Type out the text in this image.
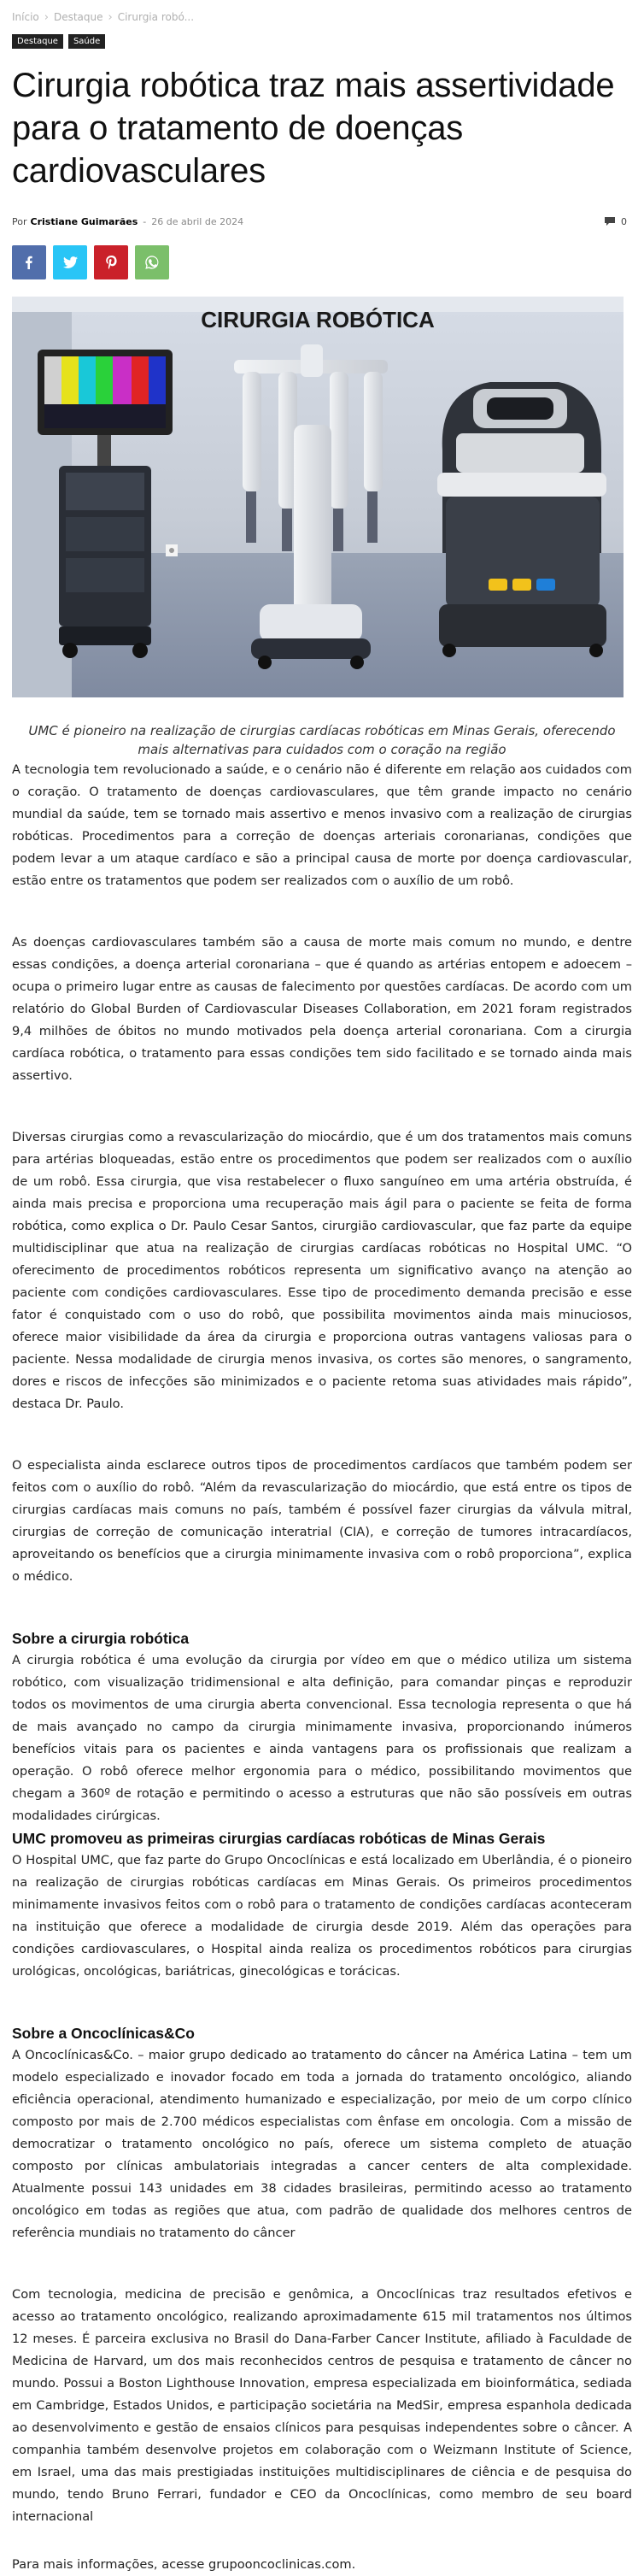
Início › Destaque › Cirurgia robó...
Destaque	Saúde
Cirurgia robótica traz mais assertividade para o tratamento de doenças cardiovasculares
Por Cristiane Guimarães - 26 de abril de 2024	0
CIRURGIA ROBÓTICA

UMC é pioneiro na realização de cirurgias cardíacas robóticas em Minas Gerais, oferecendo mais alternativas para cuidados com o coração na região

A tecnologia tem revolucionado a saúde, e o cenário não é diferente em relação aos cuidados com o coração. O tratamento de doenças cardiovasculares, que têm grande impacto no cenário mundial da saúde, tem se tornado mais assertivo e menos invasivo com a realização de cirurgias robóticas. Procedimentos para a correção de doenças arteriais coronarianas, condições que podem levar a um ataque cardíaco e são a principal causa de morte por doença cardiovascular, estão entre os tratamentos que podem ser realizados com o auxílio de um robô.

As doenças cardiovasculares também são a causa de morte mais comum no mundo, e dentre essas condições, a doença arterial coronariana – que é quando as artérias entopem e adoecem – ocupa o primeiro lugar entre as causas de falecimento por questões cardíacas. De acordo com um relatório do Global Burden of Cardiovascular Diseases Collaboration, em 2021 foram registrados 9,4 milhões de óbitos no mundo motivados pela doença arterial coronariana. Com a cirurgia cardíaca robótica, o tratamento para essas condições tem sido facilitado e se tornado ainda mais assertivo.

Diversas cirurgias como a revascularização do miocárdio, que é um dos tratamentos mais comuns para artérias bloqueadas, estão entre os procedimentos que podem ser realizados com o auxílio de um robô. Essa cirurgia, que visa restabelecer o fluxo sanguíneo em uma artéria obstruída, é ainda mais precisa e proporciona uma recuperação mais ágil para o paciente se feita de forma robótica, como explica o Dr. Paulo Cesar Santos, cirurgião cardiovascular, que faz parte da equipe multidisciplinar que atua na realização de cirurgias cardíacas robóticas no Hospital UMC. “O oferecimento de procedimentos robóticos representa um significativo avanço na atenção ao paciente com condições cardiovasculares. Esse tipo de procedimento demanda precisão e esse fator é conquistado com o uso do robô, que possibilita movimentos ainda mais minuciosos, oferece maior visibilidade da área da cirurgia e proporciona outras vantagens valiosas para o paciente. Nessa modalidade de cirurgia menos invasiva, os cortes são menores, o sangramento, dores e riscos de infecções são minimizados e o paciente retoma suas atividades mais rápido”, destaca Dr. Paulo.

O especialista ainda esclarece outros tipos de procedimentos cardíacos que também podem ser feitos com o auxílio do robô. “Além da revascularização do miocárdio, que está entre os tipos de cirurgias cardíacas mais comuns no país, também é possível fazer cirurgias da válvula mitral, cirurgias de correção de comunicação interatrial (CIA), e correção de tumores intracardíacos, aproveitando os benefícios que a cirurgia minimamente invasiva com o robô proporciona”, explica o médico.

Sobre a cirurgia robótica

A cirurgia robótica é uma evolução da cirurgia por vídeo em que o médico utiliza um sistema robótico, com visualização tridimensional e alta definição, para comandar pinças e reproduzir todos os movimentos de uma cirurgia aberta convencional. Essa tecnologia representa o que há de mais avançado no campo da cirurgia minimamente invasiva, proporcionando inúmeros benefícios vitais para os pacientes e ainda vantagens para os profissionais que realizam a operação. O robô oferece melhor ergonomia para o médico, possibilitando movimentos que chegam a 360º de rotação e permitindo o acesso a estruturas que não são possíveis em outras modalidades cirúrgicas.

UMC promoveu as primeiras cirurgias cardíacas robóticas de Minas Gerais

O Hospital UMC, que faz parte do Grupo Oncoclínicas e está localizado em Uberlândia, é o pioneiro na realização de cirurgias robóticas cardíacas em Minas Gerais. Os primeiros procedimentos minimamente invasivos feitos com o robô para o tratamento de condições cardíacas aconteceram na instituição que oferece a modalidade de cirurgia desde 2019. Além das operações para condições cardiovasculares, o Hospital ainda realiza os procedimentos robóticos para cirurgias urológicas, oncológicas, bariátricas, ginecológicas e torácicas.

Sobre a Oncoclínicas&Co

A Oncoclínicas&Co. – maior grupo dedicado ao tratamento do câncer na América Latina – tem um modelo especializado e inovador focado em toda a jornada do tratamento oncológico, aliando eficiência operacional, atendimento humanizado e especialização, por meio de um corpo clínico composto por mais de 2.700 médicos especialistas com ênfase em oncologia. Com a missão de democratizar o tratamento oncológico no país, oferece um sistema completo de atuação composto por clínicas ambulatoriais integradas a cancer centers de alta complexidade. Atualmente possui 143 unidades em 38 cidades brasileiras, permitindo acesso ao tratamento oncológico em todas as regiões que atua, com padrão de qualidade dos melhores centros de referência mundiais no tratamento do câncer

Com tecnologia, medicina de precisão e genômica, a Oncoclínicas traz resultados efetivos e acesso ao tratamento oncológico, realizando aproximadamente 615 mil tratamentos nos últimos 12 meses. É parceira exclusiva no Brasil do Dana-Farber Cancer Institute, afiliado à Faculdade de Medicina de Harvard, um dos mais reconhecidos centros de pesquisa e tratamento de câncer no mundo. Possui a Boston Lighthouse Innovation, empresa especializada em bioinformática, sediada em Cambridge, Estados Unidos, e participação societária na MedSir, empresa espanhola dedicada ao desenvolvimento e gestão de ensaios clínicos para pesquisas independentes sobre o câncer. A companhia também desenvolve projetos em colaboração com o Weizmann Institute of Science, em Israel, uma das mais prestigiadas instituições multidisciplinares de ciência e de pesquisa do mundo, tendo Bruno Ferrari, fundador e CEO da Oncoclínicas, como membro de seu board internacional

Para mais informações, acesse grupooncoclinicas.com.
